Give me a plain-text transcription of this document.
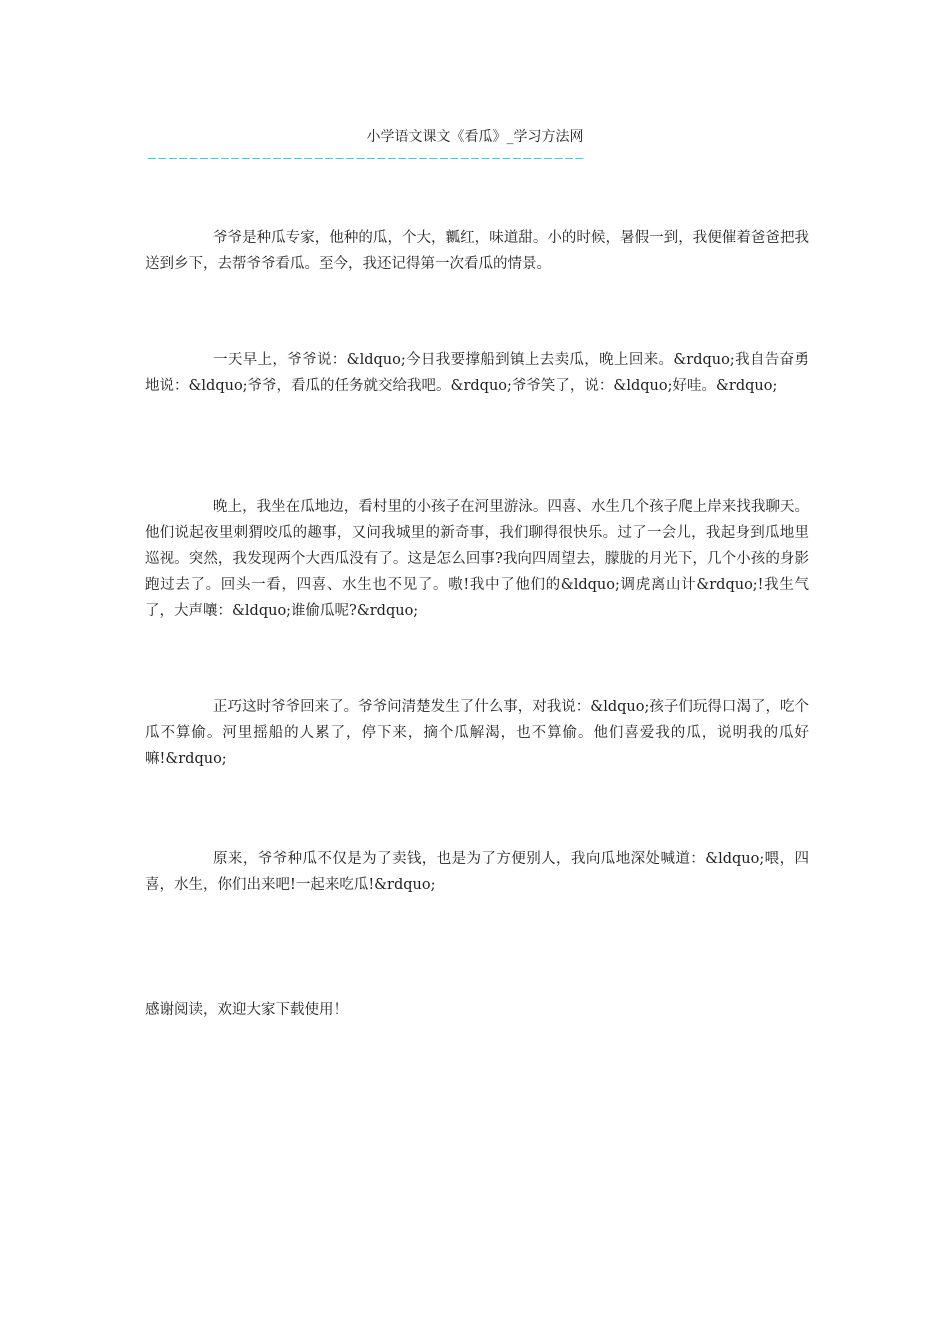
小学语文课文《看瓜》_学习方法网
——————————————————————————————————————————

爷爷是种瓜专家，他种的瓜，个大，瓤红，味道甜。小的时候，暑假一到，我便催着爸爸把我送到乡下，去帮爷爷看瓜。至今，我还记得第一次看瓜的情景。

一天早上，爷爷说：&ldquo;今日我要撑船到镇上去卖瓜，晚上回来。&rdquo;我自告奋勇地说：&ldquo;爷爷，看瓜的任务就交给我吧。&rdquo;爷爷笑了，说：&ldquo;好哇。&rdquo;

晚上，我坐在瓜地边，看村里的小孩子在河里游泳。四喜、水生几个孩子爬上岸来找我聊天。他们说起夜里刺猬咬瓜的趣事，又问我城里的新奇事，我们聊得很快乐。过了一会儿，我起身到瓜地里巡视。突然，我发现两个大西瓜没有了。这是怎么回事?我向四周望去，朦胧的月光下，几个小孩的身影跑过去了。回头一看，四喜、水生也不见了。嗷!我中了他们的&ldquo;调虎离山计&rdquo;!我生气了，大声嚷：&ldquo;谁偷瓜呢?&rdquo;

正巧这时爷爷回来了。爷爷问清楚发生了什么事，对我说：&ldquo;孩子们玩得口渴了，吃个瓜不算偷。河里摇船的人累了，停下来，摘个瓜解渴，也不算偷。他们喜爱我的瓜，说明我的瓜好嘛!&rdquo;

原来，爷爷种瓜不仅是为了卖钱，也是为了方便别人，我向瓜地深处喊道：&ldquo;喂，四喜，水生，你们出来吧!一起来吃瓜!&rdquo;

感谢阅读，欢迎大家下载使用！
